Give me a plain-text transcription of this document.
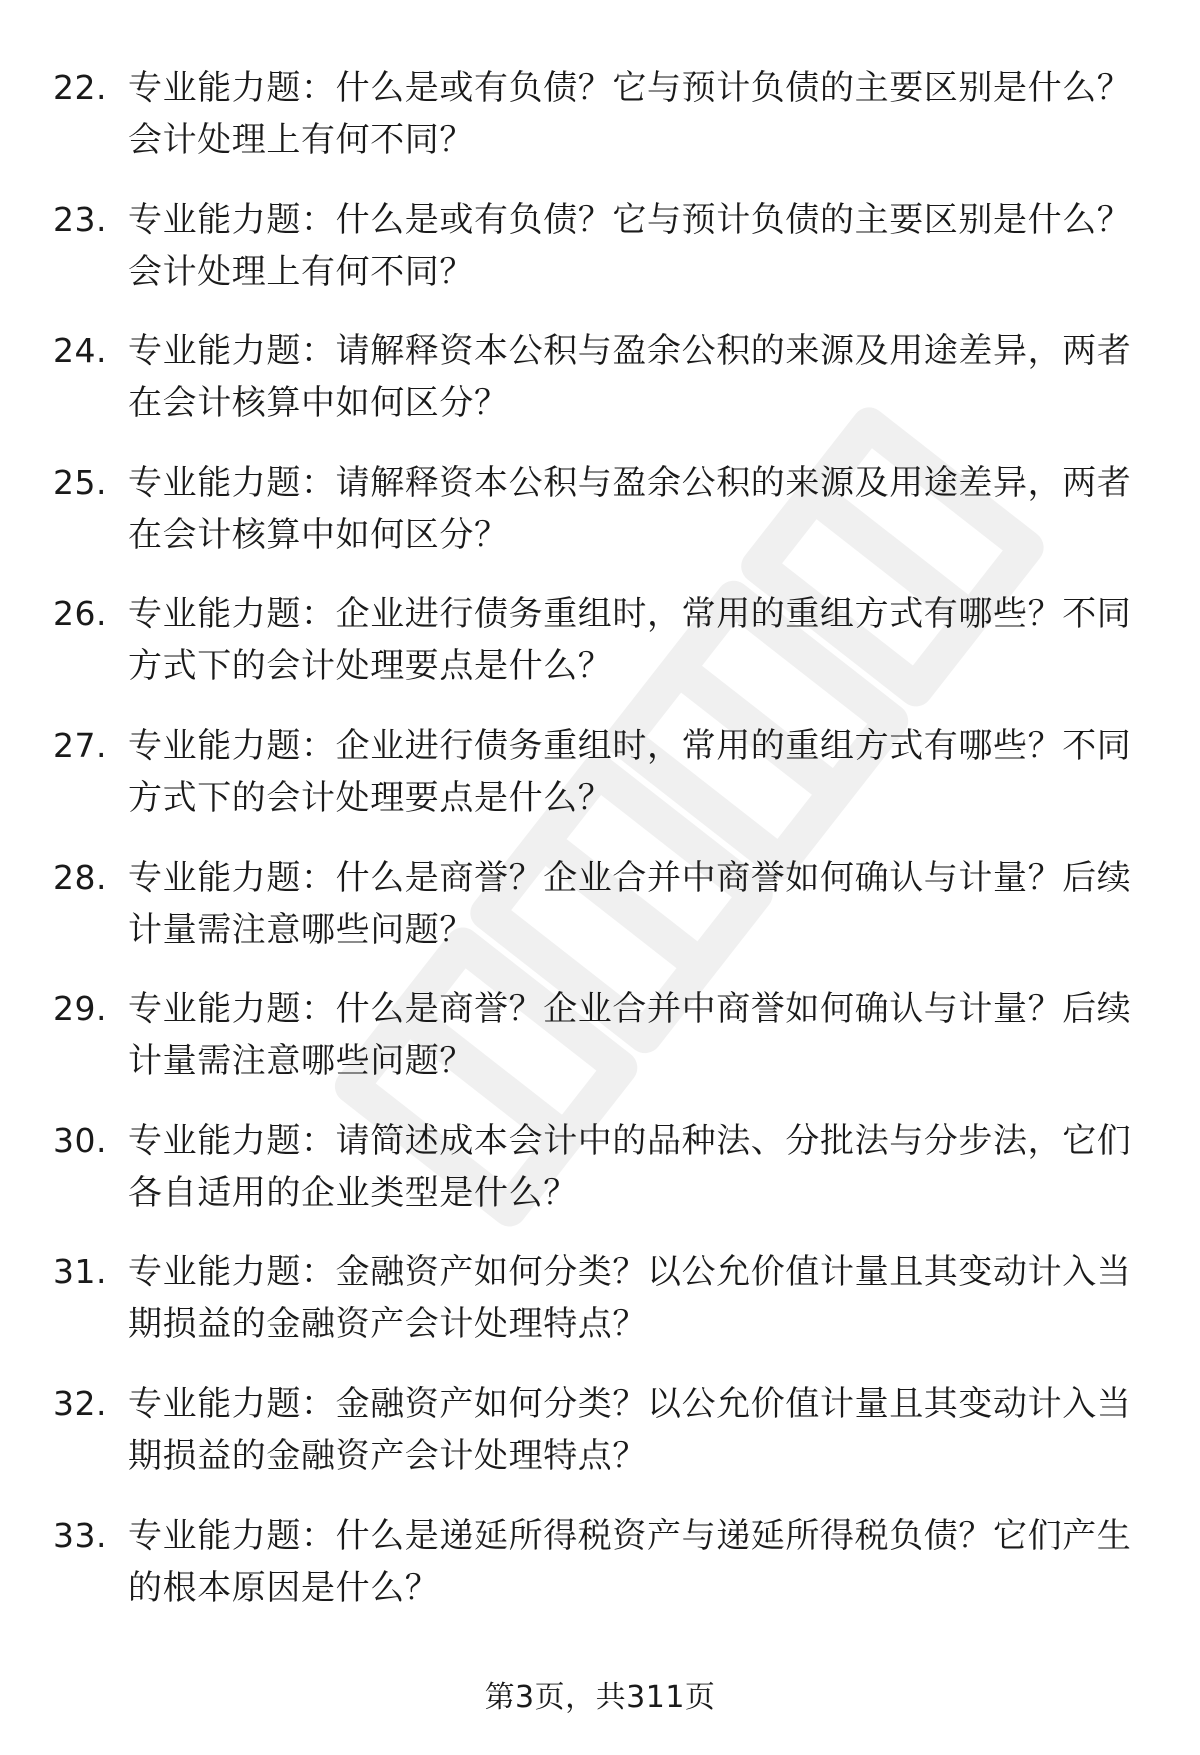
22. 专业能力题：什么是或有负债？它与预计负债的主要区别是什么？会计处理上有何不同？
23. 专业能力题：什么是或有负债？它与预计负债的主要区别是什么？会计处理上有何不同？
24. 专业能力题：请解释资本公积与盈余公积的来源及用途差异，两者在会计核算中如何区分？
25. 专业能力题：请解释资本公积与盈余公积的来源及用途差异，两者在会计核算中如何区分？
26. 专业能力题：企业进行债务重组时，常用的重组方式有哪些？不同方式下的会计处理要点是什么？
27. 专业能力题：企业进行债务重组时，常用的重组方式有哪些？不同方式下的会计处理要点是什么？
28. 专业能力题：什么是商誉？企业合并中商誉如何确认与计量？后续计量需注意哪些问题？
29. 专业能力题：什么是商誉？企业合并中商誉如何确认与计量？后续计量需注意哪些问题？
30. 专业能力题：请简述成本会计中的品种法、分批法与分步法，它们各自适用的企业类型是什么？
31. 专业能力题：金融资产如何分类？以公允价值计量且其变动计入当期损益的金融资产会计处理特点？
32. 专业能力题：金融资产如何分类？以公允价值计量且其变动计入当期损益的金融资产会计处理特点？
33. 专业能力题：什么是递延所得税资产与递延所得税负债？它们产生的根本原因是什么？
第3页，共311页
